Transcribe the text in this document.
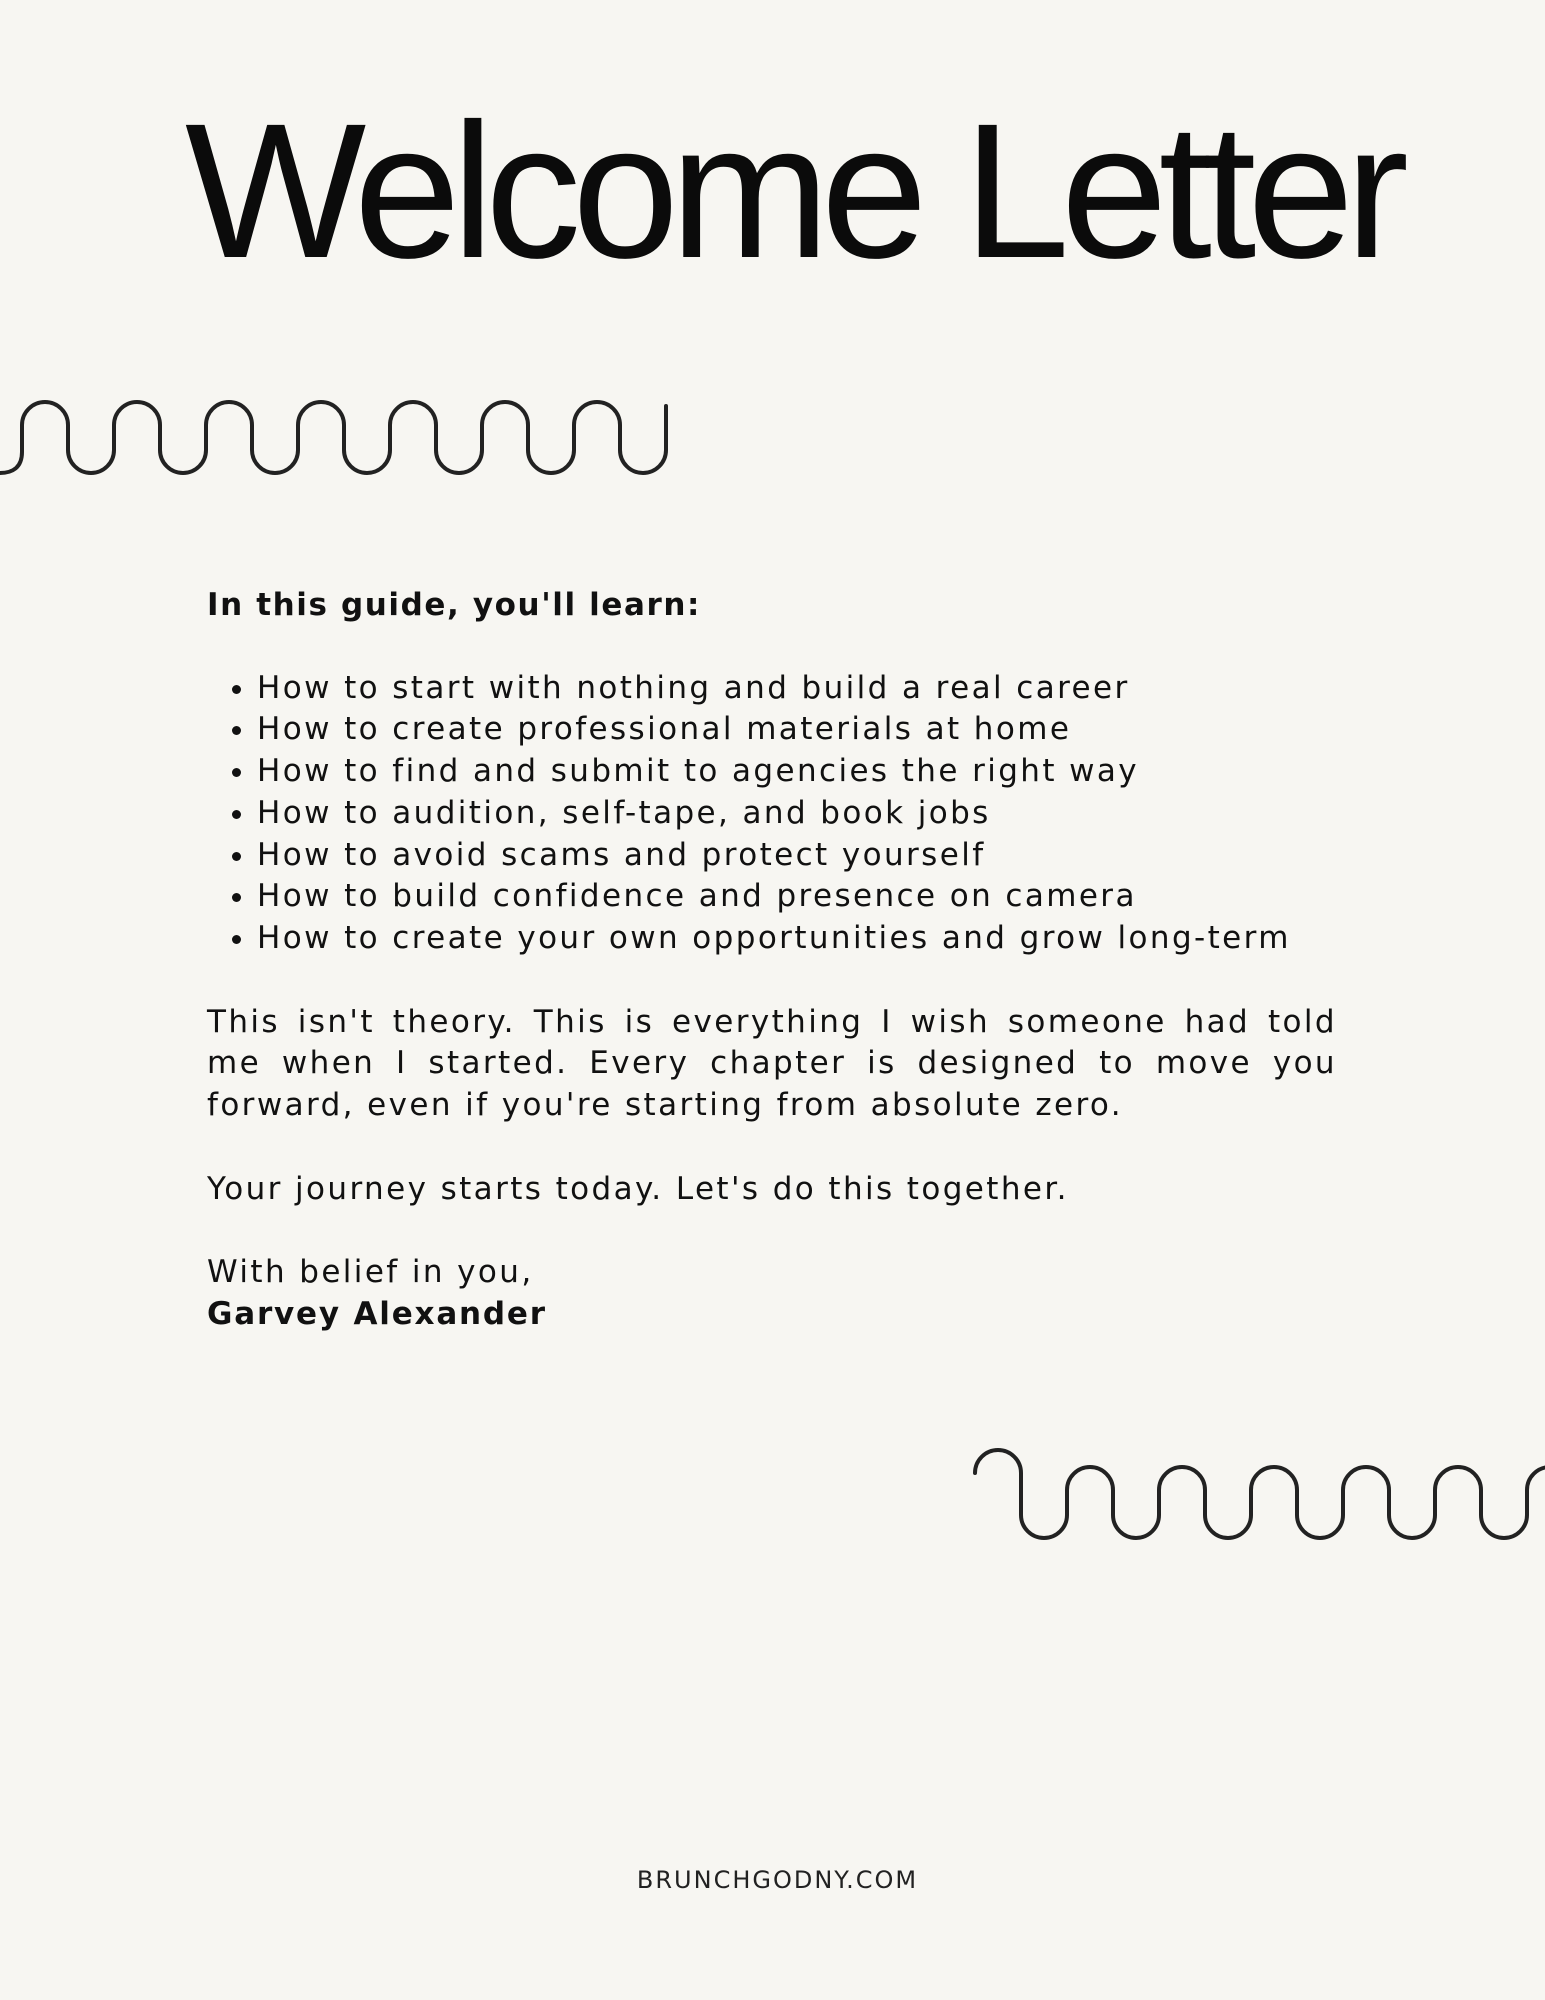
Welcome Letter

In this guide, you'll learn:

• How to start with nothing and build a real career
• How to create professional materials at home
• How to find and submit to agencies the right way
• How to audition, self-tape, and book jobs
• How to avoid scams and protect yourself
• How to build confidence and presence on camera
• How to create your own opportunities and grow long-term

This isn't theory. This is everything I wish someone had told me when I started. Every chapter is designed to move you forward, even if you're starting from absolute zero.

Your journey starts today. Let's do this together.

With belief in you,

Garvey Alexander

BRUNCHGODNY.COM
